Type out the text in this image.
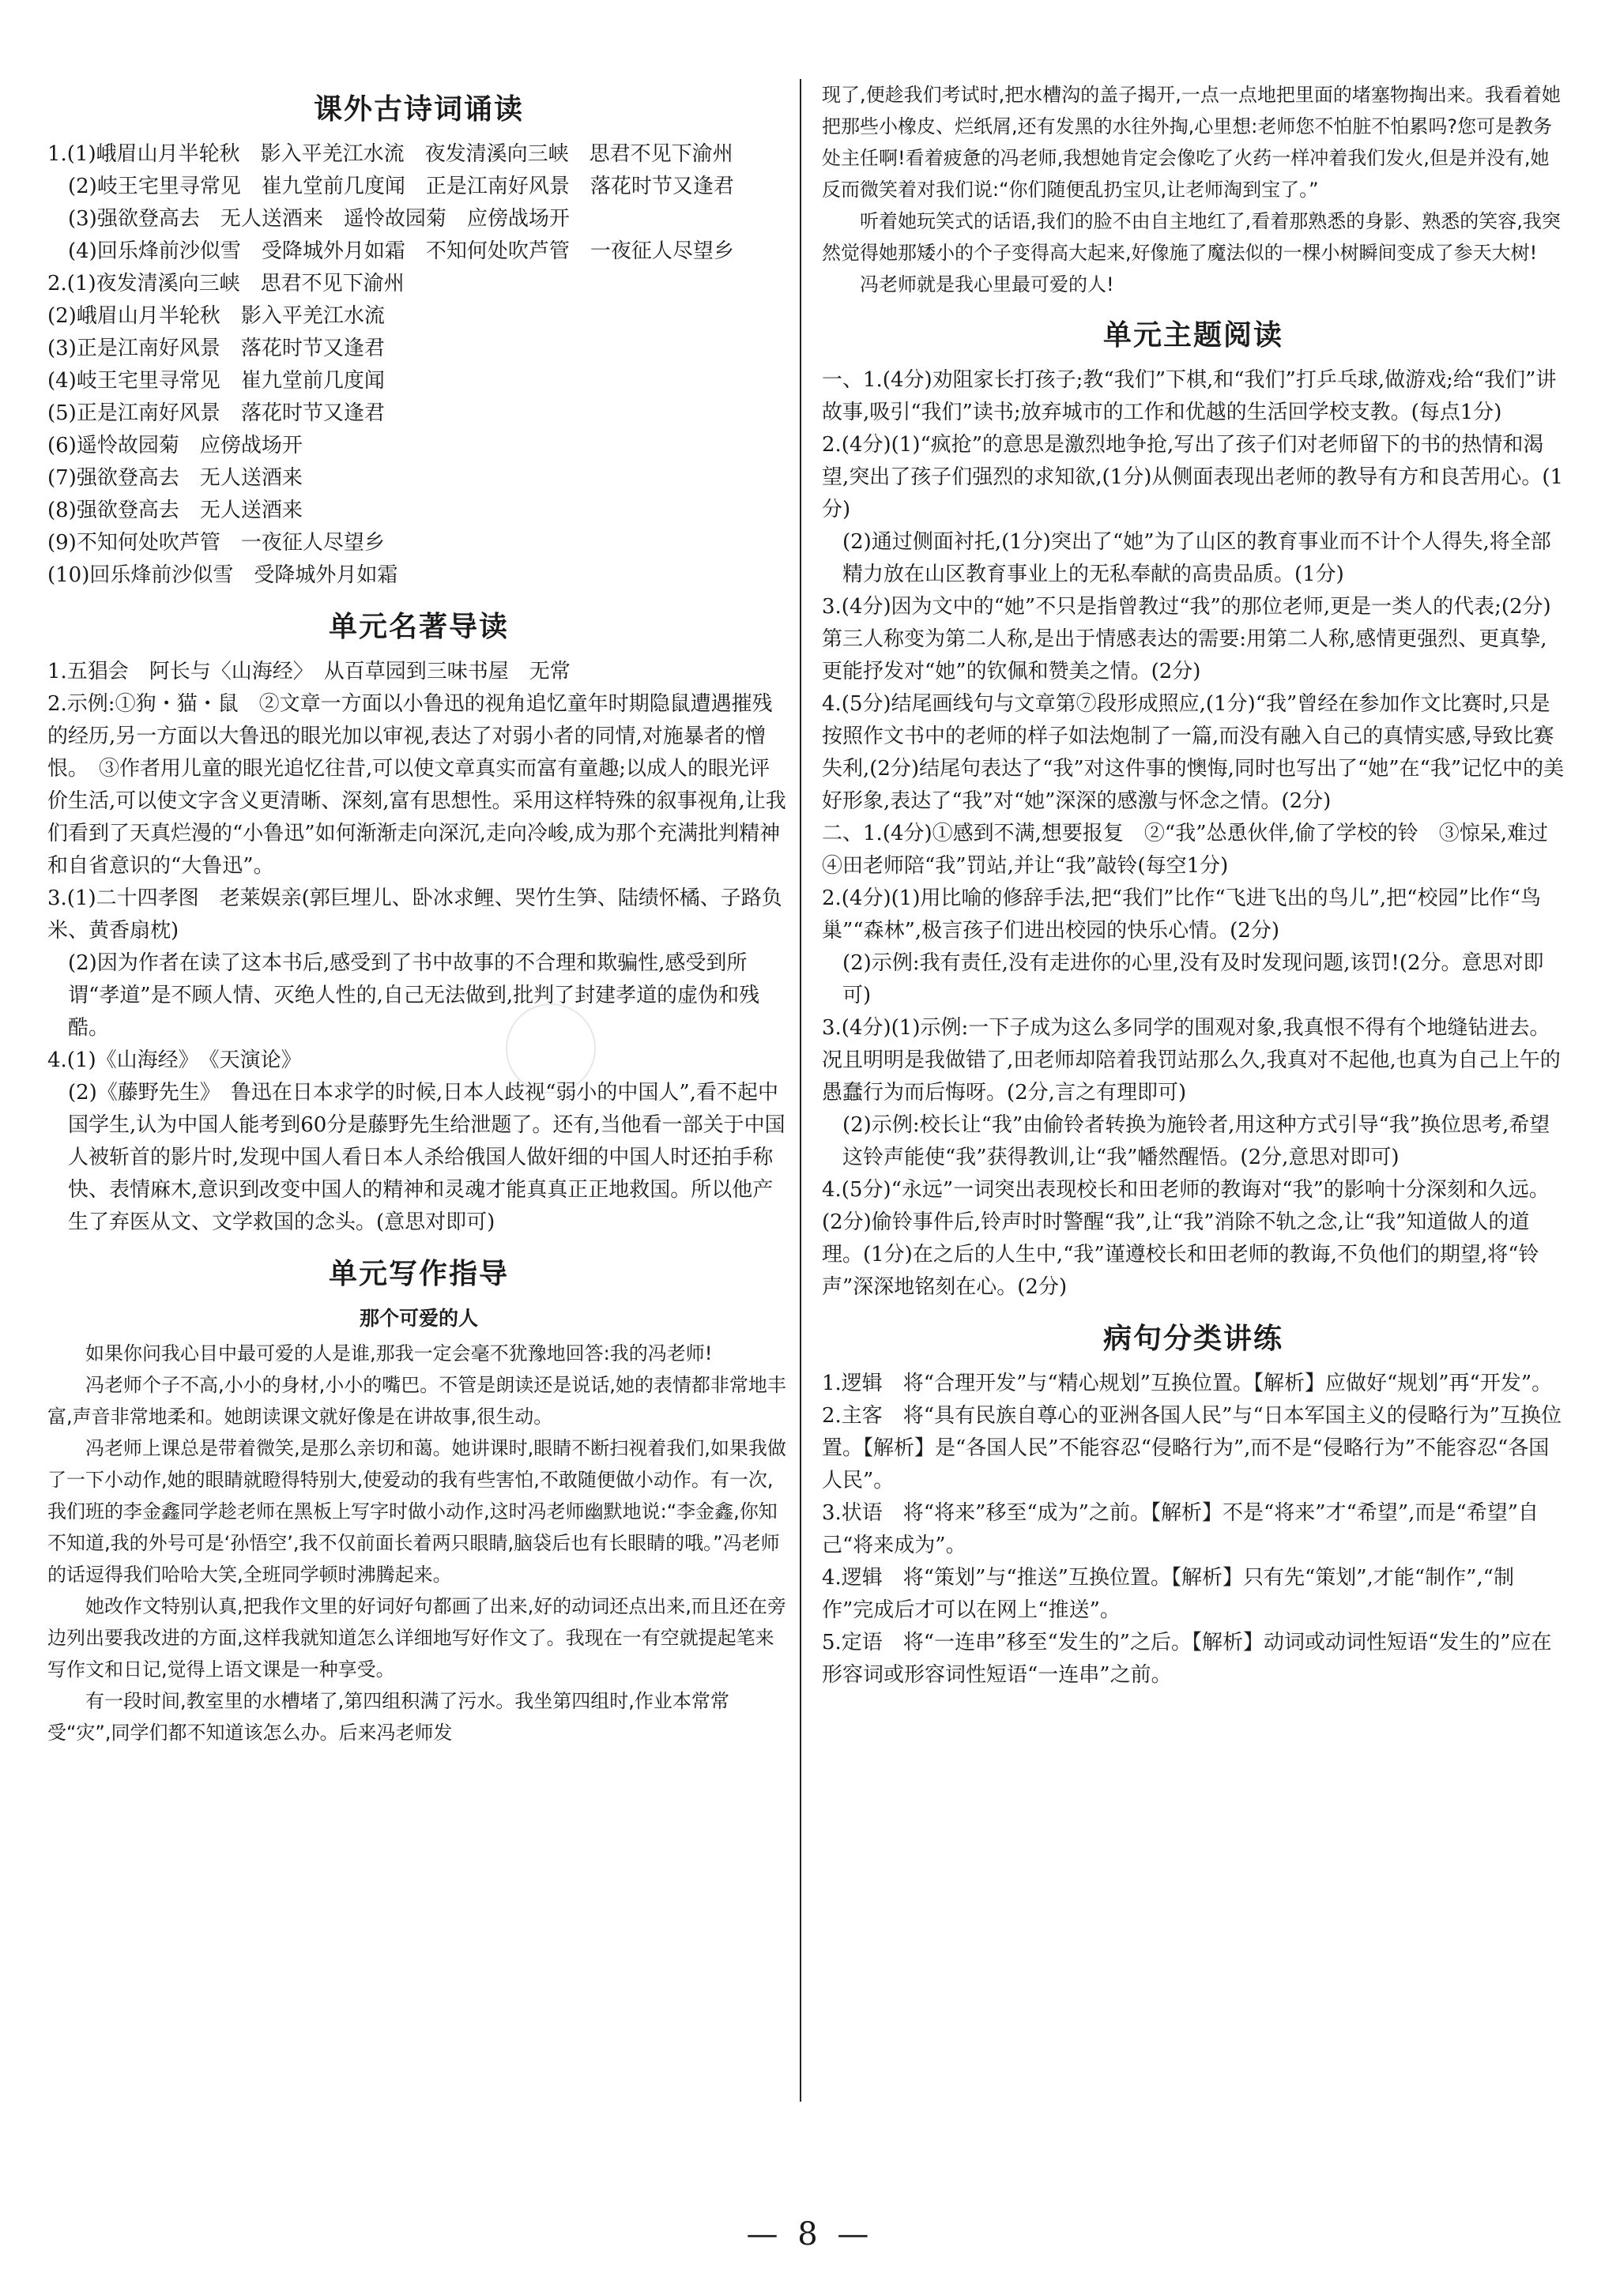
课外古诗词诵读

1.(1)峨眉山月半轮秋　影入平羌江水流　夜发清溪向三峡　思君不见下渝州

(2)岐王宅里寻常见　崔九堂前几度闻　正是江南好风景　落花时节又逢君

(3)强欲登高去　无人送酒来　遥怜故园菊　应傍战场开

(4)回乐烽前沙似雪　受降城外月如霜　不知何处吹芦管　一夜征人尽望乡

2.(1)夜发清溪向三峡　思君不见下渝州

(2)峨眉山月半轮秋　影入平羌江水流

(3)正是江南好风景　落花时节又逢君

(4)岐王宅里寻常见　崔九堂前几度闻

(5)正是江南好风景　落花时节又逢君

(6)遥怜故园菊　应傍战场开

(7)强欲登高去　无人送酒来

(8)强欲登高去　无人送酒来

(9)不知何处吹芦管　一夜征人尽望乡

(10)回乐烽前沙似雪　受降城外月如霜

单元名著导读

1.五猖会　阿长与〈山海经〉　从百草园到三味书屋　无常

2.示例:①狗・猫・鼠　②文章一方面以小鲁迅的视角追忆童年时期隐鼠遭遇摧残的经历,另一方面以大鲁迅的眼光加以审视,表达了对弱小者的同情,对施暴者的憎恨。　③作者用儿童的眼光追忆往昔,可以使文章真实而富有童趣;以成人的眼光评价生活,可以使文字含义更清晰、深刻,富有思想性。采用这样特殊的叙事视角,让我们看到了天真烂漫的“小鲁迅”如何渐渐走向深沉,走向冷峻,成为那个充满批判精神和自省意识的“大鲁迅”。

3.(1)二十四孝图　老莱娱亲(郭巨埋儿、卧冰求鲤、哭竹生笋、陆绩怀橘、子路负米、黄香扇枕)

(2)因为作者在读了这本书后,感受到了书中故事的不合理和欺骗性,感受到所谓“孝道”是不顾人情、灭绝人性的,自己无法做到,批判了封建孝道的虚伪和残酷。

4.(1)《山海经》　《天演论》

(2)《藤野先生》　鲁迅在日本求学的时候,日本人歧视“弱小的中国人”,看不起中国学生,认为中国人能考到60分是藤野先生给泄题了。还有,当他看一部关于中国人被斩首的影片时,发现中国人看日本人杀给俄国人做奸细的中国人时还拍手称快、表情麻木,意识到改变中国人的精神和灵魂才能真真正正地救国。所以他产生了弃医从文、文学救国的念头。(意思对即可)

单元写作指导
那个可爱的人

如果你问我心目中最可爱的人是谁,那我一定会毫不犹豫地回答:我的冯老师!

冯老师个子不高,小小的身材,小小的嘴巴。不管是朗读还是说话,她的表情都非常地丰富,声音非常地柔和。她朗读课文就好像是在讲故事,很生动。

冯老师上课总是带着微笑,是那么亲切和蔼。她讲课时,眼睛不断扫视着我们,如果我做了一下小动作,她的眼睛就瞪得特别大,使爱动的我有些害怕,不敢随便做小动作。有一次,我们班的李金鑫同学趁老师在黑板上写字时做小动作,这时冯老师幽默地说:“李金鑫,你知不知道,我的外号可是‘孙悟空’,我不仅前面长着两只眼睛,脑袋后也有长眼睛的哦。”冯老师的话逗得我们哈哈大笑,全班同学顿时沸腾起来。

她改作文特别认真,把我作文里的好词好句都画了出来,好的动词还点出来,而且还在旁边列出要我改进的方面,这样我就知道怎么详细地写好作文了。我现在一有空就提起笔来写作文和日记,觉得上语文课是一种享受。

有一段时间,教室里的水槽堵了,第四组积满了污水。我坐第四组时,作业本常常受“灾”,同学们都不知道该怎么办。后来冯老师发

现了,便趁我们考试时,把水槽沟的盖子揭开,一点一点地把里面的堵塞物掏出来。我看着她把那些小橡皮、烂纸屑,还有发黑的水往外掏,心里想:老师您不怕脏不怕累吗?您可是教务处主任啊!看着疲惫的冯老师,我想她肯定会像吃了火药一样冲着我们发火,但是并没有,她反而微笑着对我们说:“你们随便乱扔宝贝,让老师淘到宝了。”

听着她玩笑式的话语,我们的脸不由自主地红了,看着那熟悉的身影、熟悉的笑容,我突然觉得她那矮小的个子变得高大起来,好像施了魔法似的一棵小树瞬间变成了参天大树!

冯老师就是我心里最可爱的人!

单元主题阅读

一、1.(4分)劝阻家长打孩子;教“我们”下棋,和“我们”打乒乓球,做游戏;给“我们”讲故事,吸引“我们”读书;放弃城市的工作和优越的生活回学校支教。(每点1分)

2.(4分)(1)“疯抢”的意思是激烈地争抢,写出了孩子们对老师留下的书的热情和渴望,突出了孩子们强烈的求知欲,(1分)从侧面表现出老师的教导有方和良苦用心。(1分)

(2)通过侧面衬托,(1分)突出了“她”为了山区的教育事业而不计个人得失,将全部精力放在山区教育事业上的无私奉献的高贵品质。(1分)

3.(4分)因为文中的“她”不只是指曾教过“我”的那位老师,更是一类人的代表;(2分)第三人称变为第二人称,是出于情感表达的需要:用第二人称,感情更强烈、更真挚,更能抒发对“她”的钦佩和赞美之情。(2分)

4.(5分)结尾画线句与文章第⑦段形成照应,(1分)“我”曾经在参加作文比赛时,只是按照作文书中的老师的样子如法炮制了一篇,而没有融入自己的真情实感,导致比赛失利,(2分)结尾句表达了“我”对这件事的懊悔,同时也写出了“她”在“我”记忆中的美好形象,表达了“我”对“她”深深的感激与怀念之情。(2分)

二、1.(4分)①感到不满,想要报复　②“我”怂恿伙伴,偷了学校的铃　③惊呆,难过　④田老师陪“我”罚站,并让“我”敲铃(每空1分)

2.(4分)(1)用比喻的修辞手法,把“我们”比作“飞进飞出的鸟儿”,把“校园”比作“鸟巢”“森林”,极言孩子们进出校园的快乐心情。(2分)

(2)示例:我有责任,没有走进你的心里,没有及时发现问题,该罚!(2分。意思对即可)

3.(4分)(1)示例:一下子成为这么多同学的围观对象,我真恨不得有个地缝钻进去。况且明明是我做错了,田老师却陪着我罚站那么久,我真对不起他,也真为自己上午的愚蠢行为而后悔呀。(2分,言之有理即可)

(2)示例:校长让“我”由偷铃者转换为施铃者,用这种方式引导“我”换位思考,希望这铃声能使“我”获得教训,让“我”幡然醒悟。(2分,意思对即可)

4.(5分)“永远”一词突出表现校长和田老师的教诲对“我”的影响十分深刻和久远。(2分)偷铃事件后,铃声时时警醒“我”,让“我”消除不轨之念,让“我”知道做人的道理。(1分)在之后的人生中,“我”谨遵校长和田老师的教诲,不负他们的期望,将“铃声”深深地铭刻在心。(2分)

病句分类讲练

1.逻辑　将“合理开发”与“精心规划”互换位置。【解析】应做好“规划”再“开发”。

2.主客　将“具有民族自尊心的亚洲各国人民”与“日本军国主义的侵略行为”互换位置。【解析】是“各国人民”不能容忍“侵略行为”,而不是“侵略行为”不能容忍“各国人民”。

3.状语　将“将来”移至“成为”之前。【解析】不是“将来”才“希望”,而是“希望”自己“将来成为”。

4.逻辑　将“策划”与“推送”互换位置。【解析】只有先“策划”,才能“制作”,“制作”完成后才可以在网上“推送”。

5.定语　将“一连串”移至“发生的”之后。【解析】动词或动词性短语“发生的”应在形容词或形容词性短语“一连串”之前。

— 8 —
